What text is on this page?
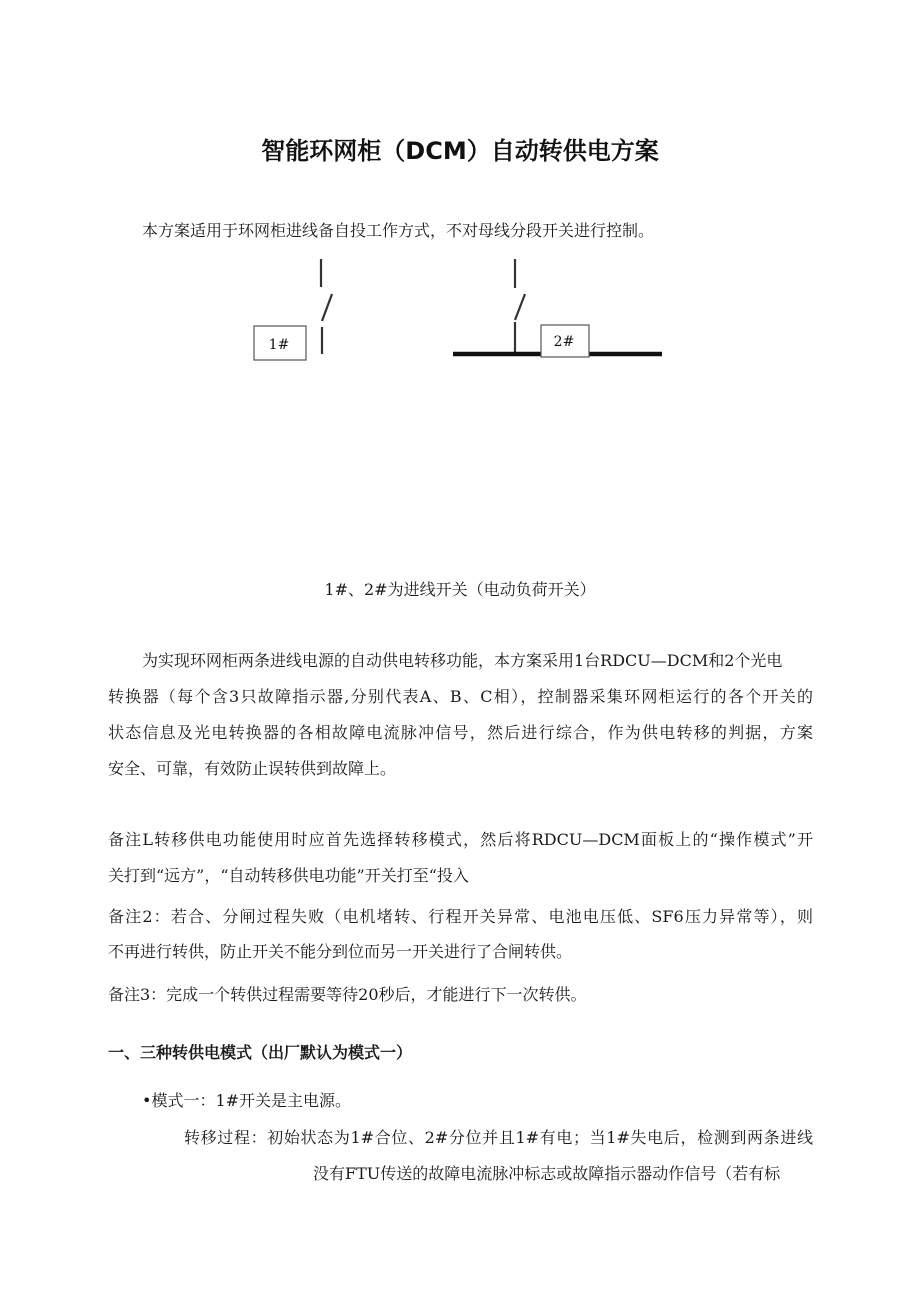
智能环网柜（DCM）自动转供电方案
本方案适用于环网柜进线备自投工作方式，不对母线分段开关进行控制。
1#	2#
1#、2#为进线开关（电动负荷开关）
为实现环网柜两条进线电源的自动供电转移功能，本方案采用1台RDCU—DCM和2个光电
转换器（每个含3只故障指示器,分别代表A、B、C相），控制器采集环网柜运行的各个开关的
状态信息及光电转换器的各相故障电流脉冲信号，然后进行综合，作为供电转移的判据，方案
安全、可靠，有效防止误转供到故障上。
备注L转移供电功能使用时应首先选择转移模式，然后将RDCU—DCM面板上的“操作模式”开
关打到“远方”，“自动转移供电功能”开关打至“投入
备注2：若合、分闸过程失败（电机堵转、行程开关异常、电池电压低、SF6压力异常等），则
不再进行转供，防止开关不能分到位而另一开关进行了合闸转供。
备注3：完成一个转供过程需要等待20秒后，才能进行下一次转供。
一、三种转供电模式（出厂默认为模式一）
•模式一：1#开关是主电源。
转移过程：初始状态为1#合位、2#分位并且1#有电；当1#失电后，检测到两条进线
没有FTU传送的故障电流脉冲标志或故障指示器动作信号（若有标
